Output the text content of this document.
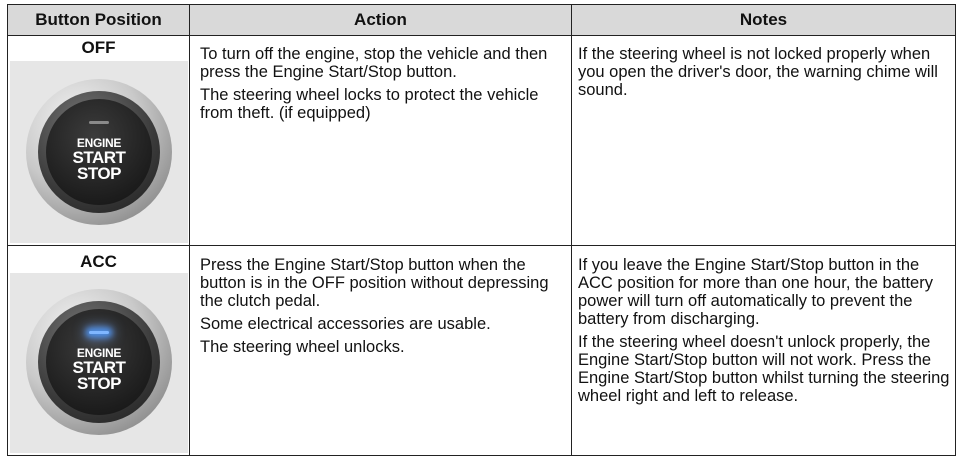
Button Position	Action	Notes
OFF
ENGINE
START
STOP

To turn off the engine, stop the vehicle and then press the Engine Start/Stop button.

The steering wheel locks to protect the vehicle from theft. (if equipped)

If the steering wheel is not locked properly when you open the driver's door, the warning chime will sound.

ACC
ENGINE
START
STOP

Press the Engine Start/Stop button when the button is in the OFF position without depressing the clutch pedal.

Some electrical accessories are usable.

The steering wheel unlocks.

If you leave the Engine Start/Stop button in the ACC position for more than one hour, the battery power will turn off automatically to prevent the battery from discharging.

If the steering wheel doesn't unlock properly, the Engine Start/Stop button will not work. Press the Engine Start/Stop button whilst turning the steering wheel right and left to release.
